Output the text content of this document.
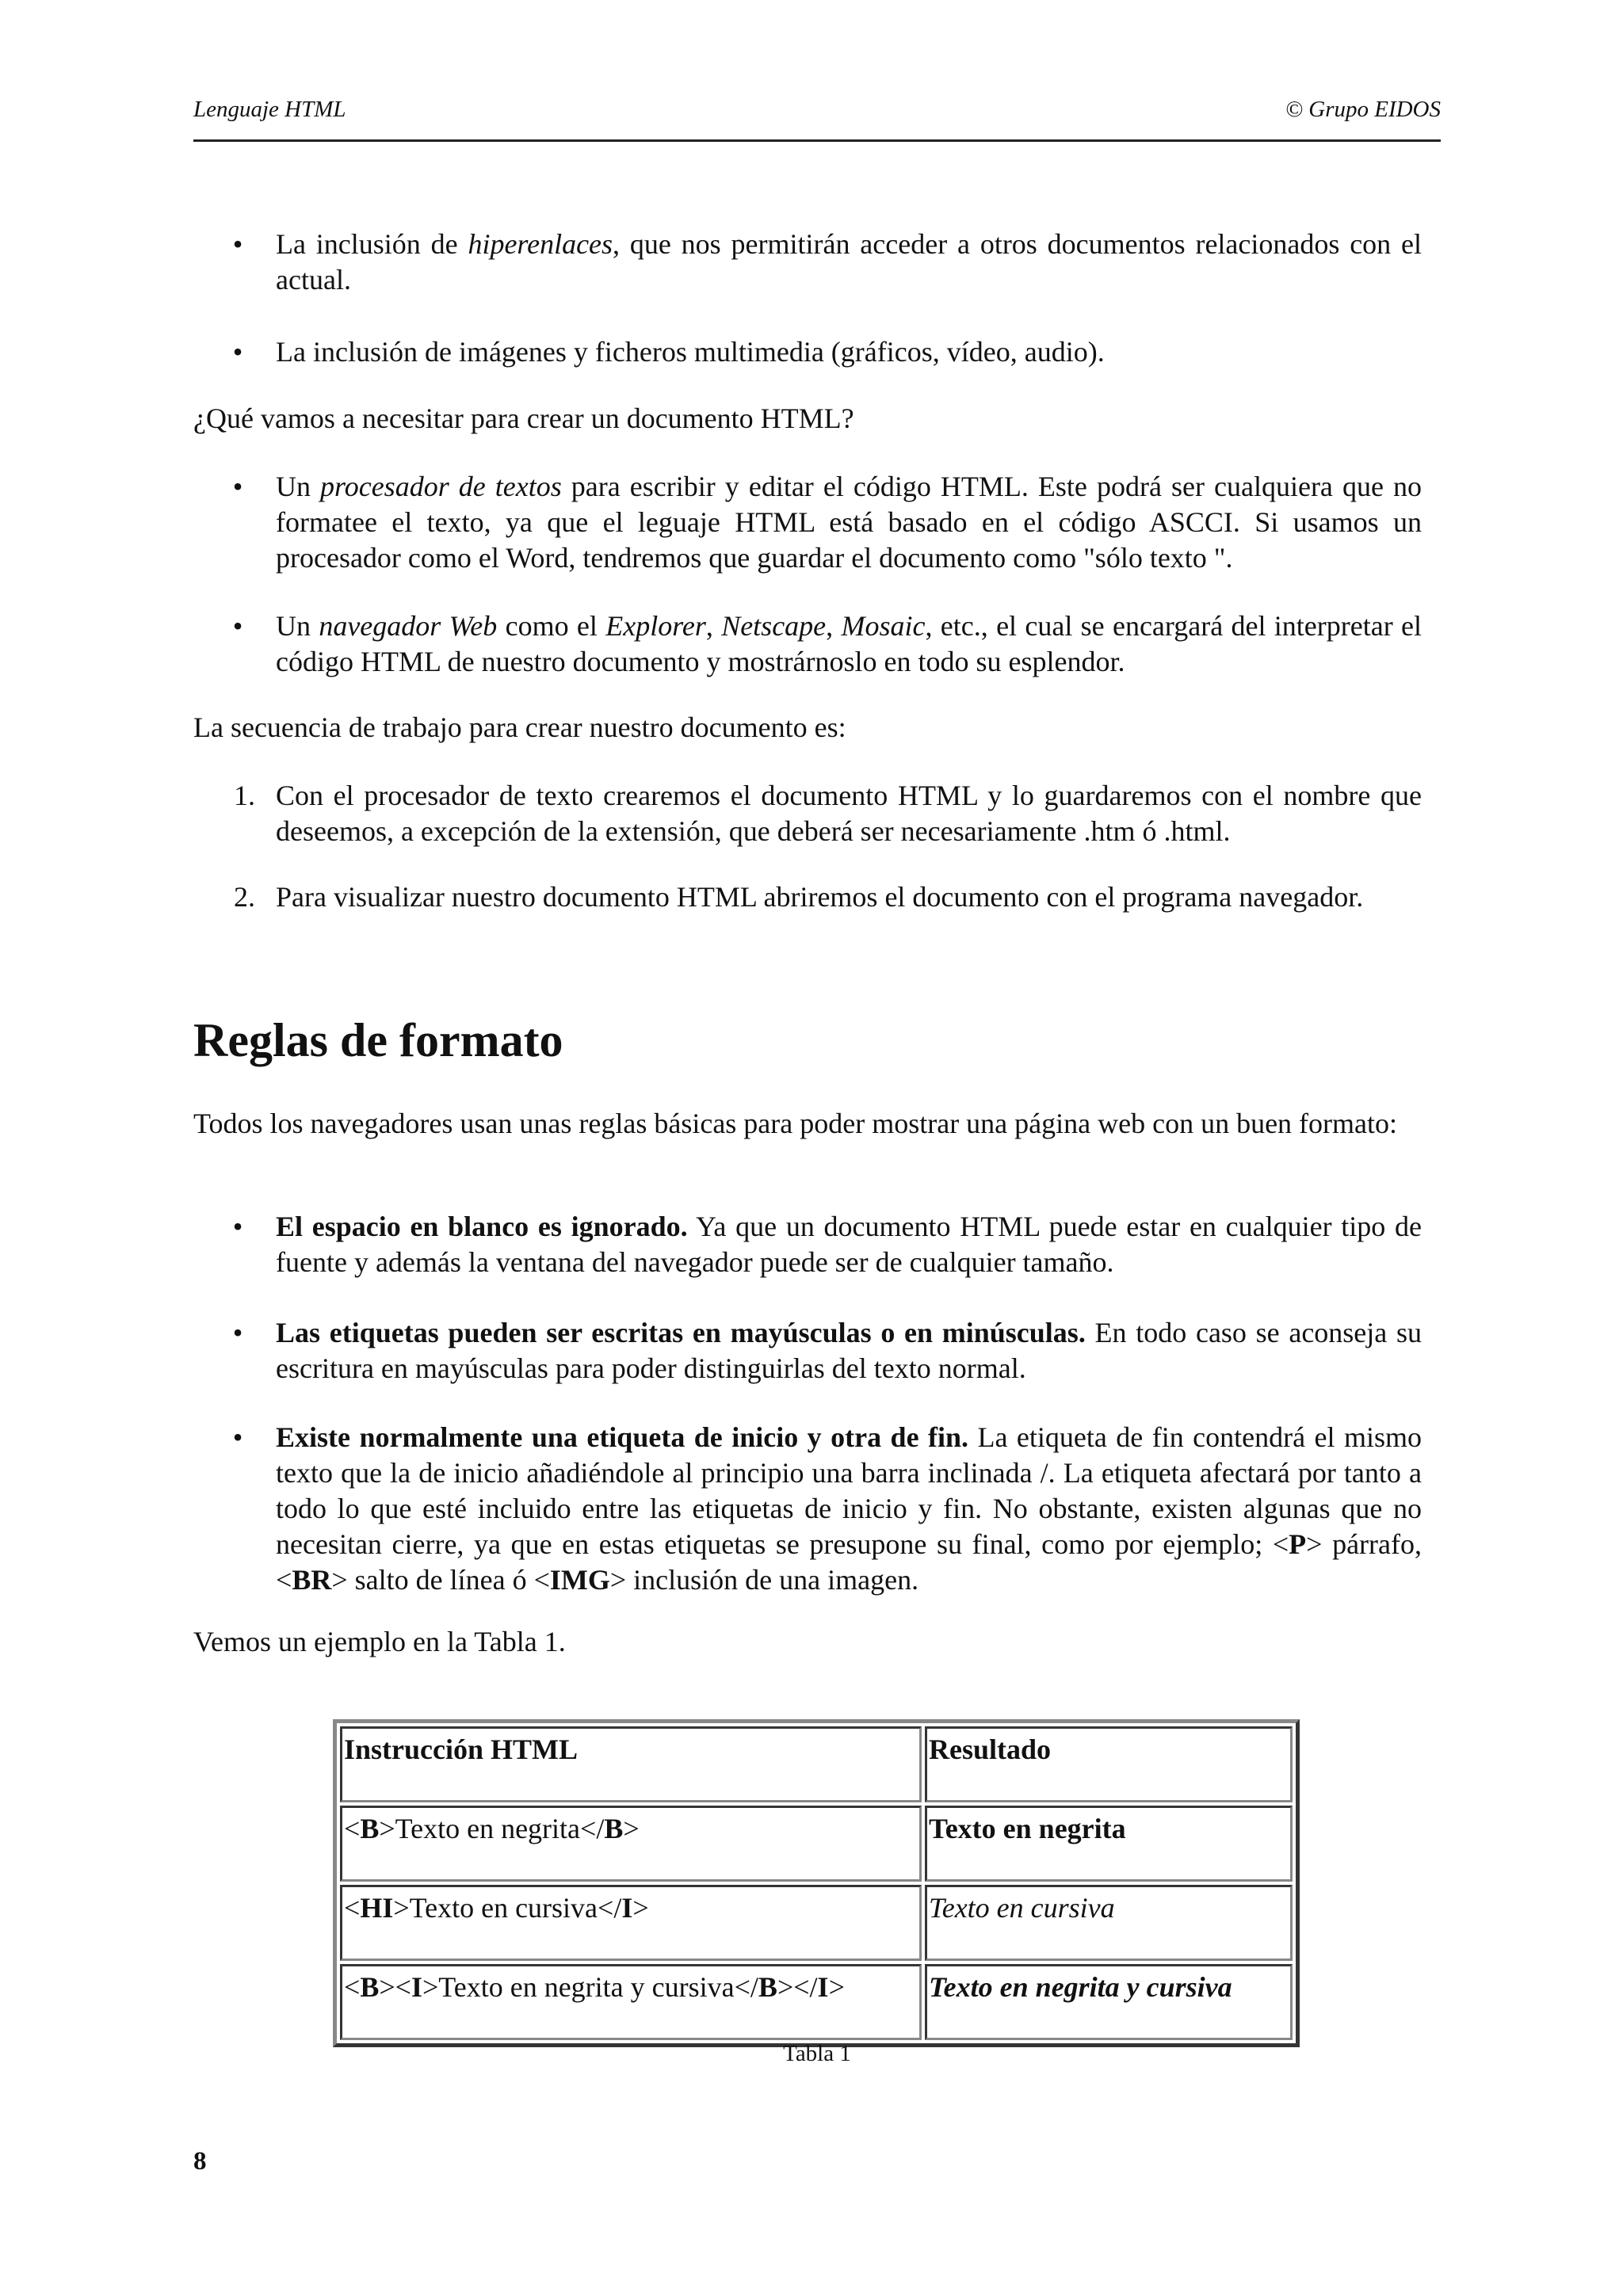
Lenguaje HTML	© Grupo EIDOS

• La inclusión de hiperenlaces, que nos permitirán acceder a otros documentos relacionados con el actual.

• La inclusión de imágenes y ficheros multimedia (gráficos, vídeo, audio).

¿Qué vamos a necesitar para crear un documento HTML?

• Un procesador de textos para escribir y editar el código HTML. Este podrá ser cualquiera que no formatee el texto, ya que el leguaje HTML está basado en el código ASCCI. Si usamos un procesador como el Word, tendremos que guardar el documento como "sólo texto ".

• Un navegador Web como el Explorer, Netscape, Mosaic, etc., el cual se encargará del interpretar el código HTML de nuestro documento y mostrárnoslo en todo su esplendor.

La secuencia de trabajo para crear nuestro documento es:

1. Con el procesador de texto crearemos el documento HTML y lo guardaremos con el nombre que deseemos, a excepción de la extensión, que deberá ser necesariamente .htm ó .html.

2. Para visualizar nuestro documento HTML abriremos el documento con el programa navegador.

Reglas de formato

Todos los navegadores usan unas reglas básicas para poder mostrar una página web con un buen formato:

• El espacio en blanco es ignorado. Ya que un documento HTML puede estar en cualquier tipo de fuente y además la ventana del navegador puede ser de cualquier tamaño.

• Las etiquetas pueden ser escritas en mayúsculas o en minúsculas. En todo caso se aconseja su escritura en mayúsculas para poder distinguirlas del texto normal.

• Existe normalmente una etiqueta de inicio y otra de fin. La etiqueta de fin contendrá el mismo texto que la de inicio añadiéndole al principio una barra inclinada /. La etiqueta afectará por tanto a todo lo que esté incluido entre las etiquetas de inicio y fin. No obstante, existen algunas que no necesitan cierre, ya que en estas etiquetas se presupone su final, como por ejemplo; <P> párrafo, <BR> salto de línea ó <IMG> inclusión de una imagen.

Vemos un ejemplo en la Tabla 1.

Instrucción HTML	Resultado
<B>Texto en negrita</B>	Texto en negrita
<HI>Texto en cursiva</I>	Texto en cursiva
<B><I>Texto en negrita y cursiva</B></I>	Texto en negrita y cursiva
Tabla 1
8
